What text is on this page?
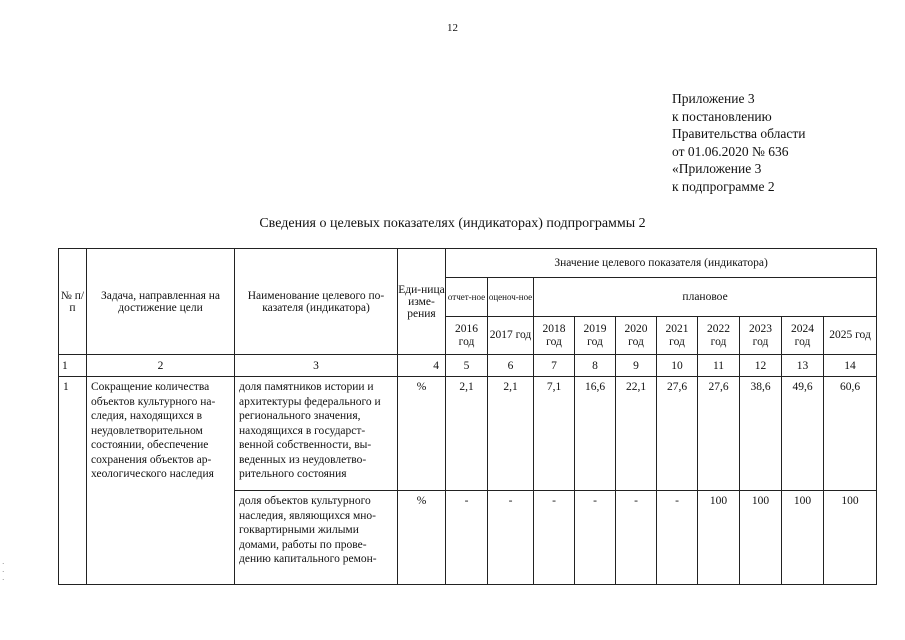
12
Приложение 3
к постановлению
Правительства области
от 01.06.2020 № 636
«Приложение 3
к подпрограмме 2
Сведения о целевых показателях (индикаторах) подпрограммы 2
№ п/п	Задача, направленная на достижение цели	Наименование целевого по-казателя (индикатора)	Еди-ница изме-рения	Значение целевого показателя (индикатора)									
				отчет-ное	оценоч-ное	плановое							
				2016 год	2017 год	2018 год	2019 год	2020 год	2021 год	2022 год	2023 год	2024 год	2025 год
1	2	3	4	5	6	7	8	9	10	11	12	13	14
1	Сокращение количества объектов культурного на-следия, находящихся в неудовлетворительном состоянии, обеспечение сохранения объектов ар-хеологического наследия	доля памятников истории и архитектуры федерального и регионального значения, находящихся в государст-венной собственности, вы-веденных из неудовлетво-рительного состояния	%	2,1	2,1	7,1	16,6	22,1	27,6	27,6	38,6	49,6	60,6

		доля объектов культурного наследия, являющихся мно-гоквартирными жилыми домами, работы по прове-дению капитального ремон-	%	-	-	-	-	-	-	100	100	100	100
·
·
·
